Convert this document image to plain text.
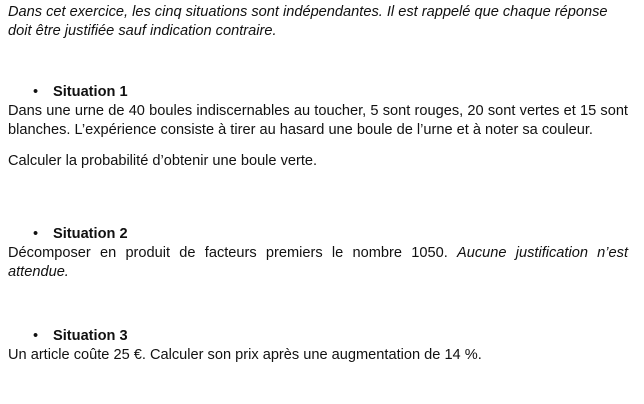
Dans cet exercice, les cinq situations sont indépendantes. Il est rappelé que chaque réponse doit être justifiée sauf indication contraire.

• Situation 1

Dans une urne de 40 boules indiscernables au toucher, 5 sont rouges, 20 sont vertes et 15 sont blanches. L’expérience consiste à tirer au hasard une boule de l’urne et à noter sa couleur.

Calculer la probabilité d’obtenir une boule verte.

• Situation 2

Décomposer en produit de facteurs premiers le nombre 1050. Aucune justification n’est attendue.

• Situation 3

Un article coûte 25 €. Calculer son prix après une augmentation de 14 %.
